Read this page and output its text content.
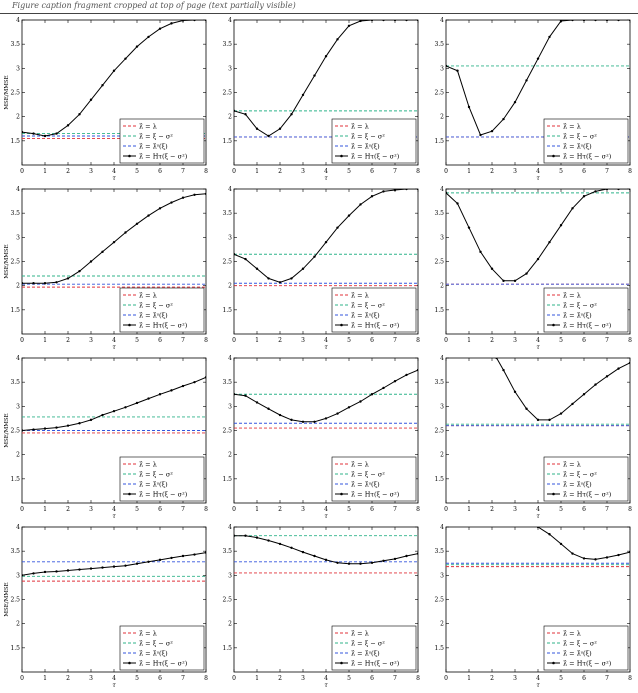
Figure caption fragment cropped at top of page (text partially visible)
0	1	2	3	4	5	6	7	8
τ
1.5
2
2.5
3
3.5
4
MSE/MMSE
λ̂ = λ
λ̂ = ξ − σ²
λ̂ = λ̂ˢ(ξ)
λ̂ = Hτ(ξ − σ²)
0	1	2	3	4	5	6	7	8
τ
1.5
2
2.5
3
3.5
4
λ̂ = λ
λ̂ = ξ − σ²
λ̂ = λ̂ˢ(ξ)
λ̂ = Hτ(ξ − σ²)
0	1	2	3	4	5	6	7	8
τ
1.5
2
2.5
3
3.5
4
λ̂ = λ
λ̂ = ξ − σ²
λ̂ = λ̂ˢ(ξ)
λ̂ = Hτ(ξ − σ²)
0	1	2	3	4	5	6	7	8
τ
1.5
2
2.5
3
3.5
4
MSE/MMSE
λ̂ = λ
λ̂ = ξ − σ²
λ̂ = λ̂ˢ(ξ)
λ̂ = Hτ(ξ − σ²)
0	1	2	3	4	5	6	7	8
τ
1.5
2
2.5
3
3.5
4
λ̂ = λ
λ̂ = ξ − σ²
λ̂ = λ̂ˢ(ξ)
λ̂ = Hτ(ξ − σ²)
0	1	2	3	4	5	6	7	8
τ
1.5
2
2.5
3
3.5
4
λ̂ = λ
λ̂ = ξ − σ²
λ̂ = λ̂ˢ(ξ)
λ̂ = Hτ(ξ − σ²)
0	1	2	3	4	5	6	7	8
τ
1.5
2
2.5
3
3.5
4
MSE/MMSE
λ̂ = λ
λ̂ = ξ − σ²
λ̂ = λ̂ˢ(ξ)
λ̂ = Hτ(ξ − σ²)
0	1	2	3	4	5	6	7	8
τ
1.5
2
2.5
3
3.5
4
λ̂ = λ
λ̂ = ξ − σ²
λ̂ = λ̂ˢ(ξ)
λ̂ = Hτ(ξ − σ²)
0	1	2	3	4	5	6	7	8
τ
1.5
2
2.5
3
3.5
4
λ̂ = λ
λ̂ = ξ − σ²
λ̂ = λ̂ˢ(ξ)
λ̂ = Hτ(ξ − σ²)
0	1	2	3	4	5	6	7	8
τ
1.5
2
2.5
3
3.5
4
MSE/MMSE
λ̂ = λ
λ̂ = ξ − σ²
λ̂ = λ̂ˢ(ξ)
λ̂ = Hτ(ξ − σ²)
0	1	2	3	4	5	6	7	8
τ
1.5
2
2.5
3
3.5
4
λ̂ = λ
λ̂ = ξ − σ²
λ̂ = λ̂ˢ(ξ)
λ̂ = Hτ(ξ − σ²)
0	1	2	3	4	5	6	7	8
τ
1.5
2
2.5
3
3.5
4
λ̂ = λ
λ̂ = ξ − σ²
λ̂ = λ̂ˢ(ξ)
λ̂ = Hτ(ξ − σ²)
